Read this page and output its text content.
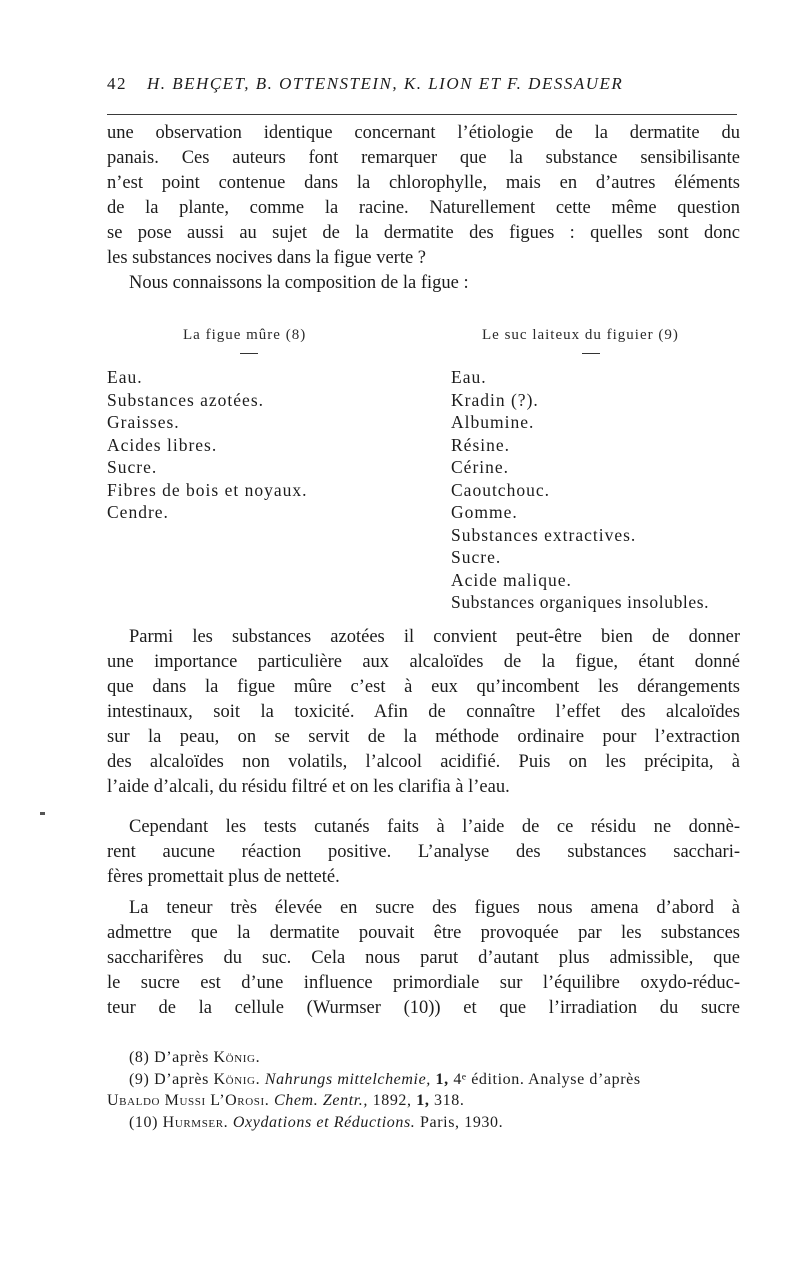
42 H. BEHÇET, B. OTTENSTEIN, K. LION ET F. DESSAUER
une observation identique concernant l’étiologie de la dermatite du
panais. Ces auteurs font remarquer que la substance sensibilisante
n’est point contenue dans la chlorophylle, mais en d’autres éléments
de la plante, comme la racine. Naturellement cette même question
se pose aussi au sujet de la dermatite des figues : quelles sont donc
les substances nocives dans la figue verte ?
Nous connaissons la composition de la figue :
La figue mûre (8)	Le suc laiteux du figuier (9)
Eau.
Substances azotées.
Graisses.
Acides libres.
Sucre.
Fibres de bois et noyaux.
Cendre.
Eau.
Kradin (?).
Albumine.
Résine.
Cérine.
Caoutchouc.
Gomme.
Substances extractives.
Sucre.
Acide malique.
Substances organiques insolubles.
Parmi les substances azotées il convient peut-être bien de donner
une importance particulière aux alcaloïdes de la figue, étant donné
que dans la figue mûre c’est à eux qu’incombent les dérangements
intestinaux, soit la toxicité. Afin de connaître l’effet des alcaloïdes
sur la peau, on se servit de la méthode ordinaire pour l’extraction
des alcaloïdes non volatils, l’alcool acidifié. Puis on les précipita, à
l’aide d’alcali, du résidu filtré et on les clarifia à l’eau.
Cependant les tests cutanés faits à l’aide de ce résidu ne donnè-
rent aucune réaction positive. L’analyse des substances sacchari-
fères promettait plus de netteté.
La teneur très élevée en sucre des figues nous amena d’abord à
admettre que la dermatite pouvait être provoquée par les substances
saccharifères du suc. Cela nous parut d’autant plus admissible, que
le sucre est d’une influence primordiale sur l’équilibre oxydo-réduc-
teur de la cellule (Wurmser (10)) et que l’irradiation du sucre
(8) D’après König.
(9) D’après König. Nahrungs mittelchemie, 1, 4ᵉ édition. Analyse d’après
Ubaldo Mussi L’Orosi. Chem. Zentr., 1892, 1, 318.
(10) Hurmser. Oxydations et Réductions. Paris, 1930.
